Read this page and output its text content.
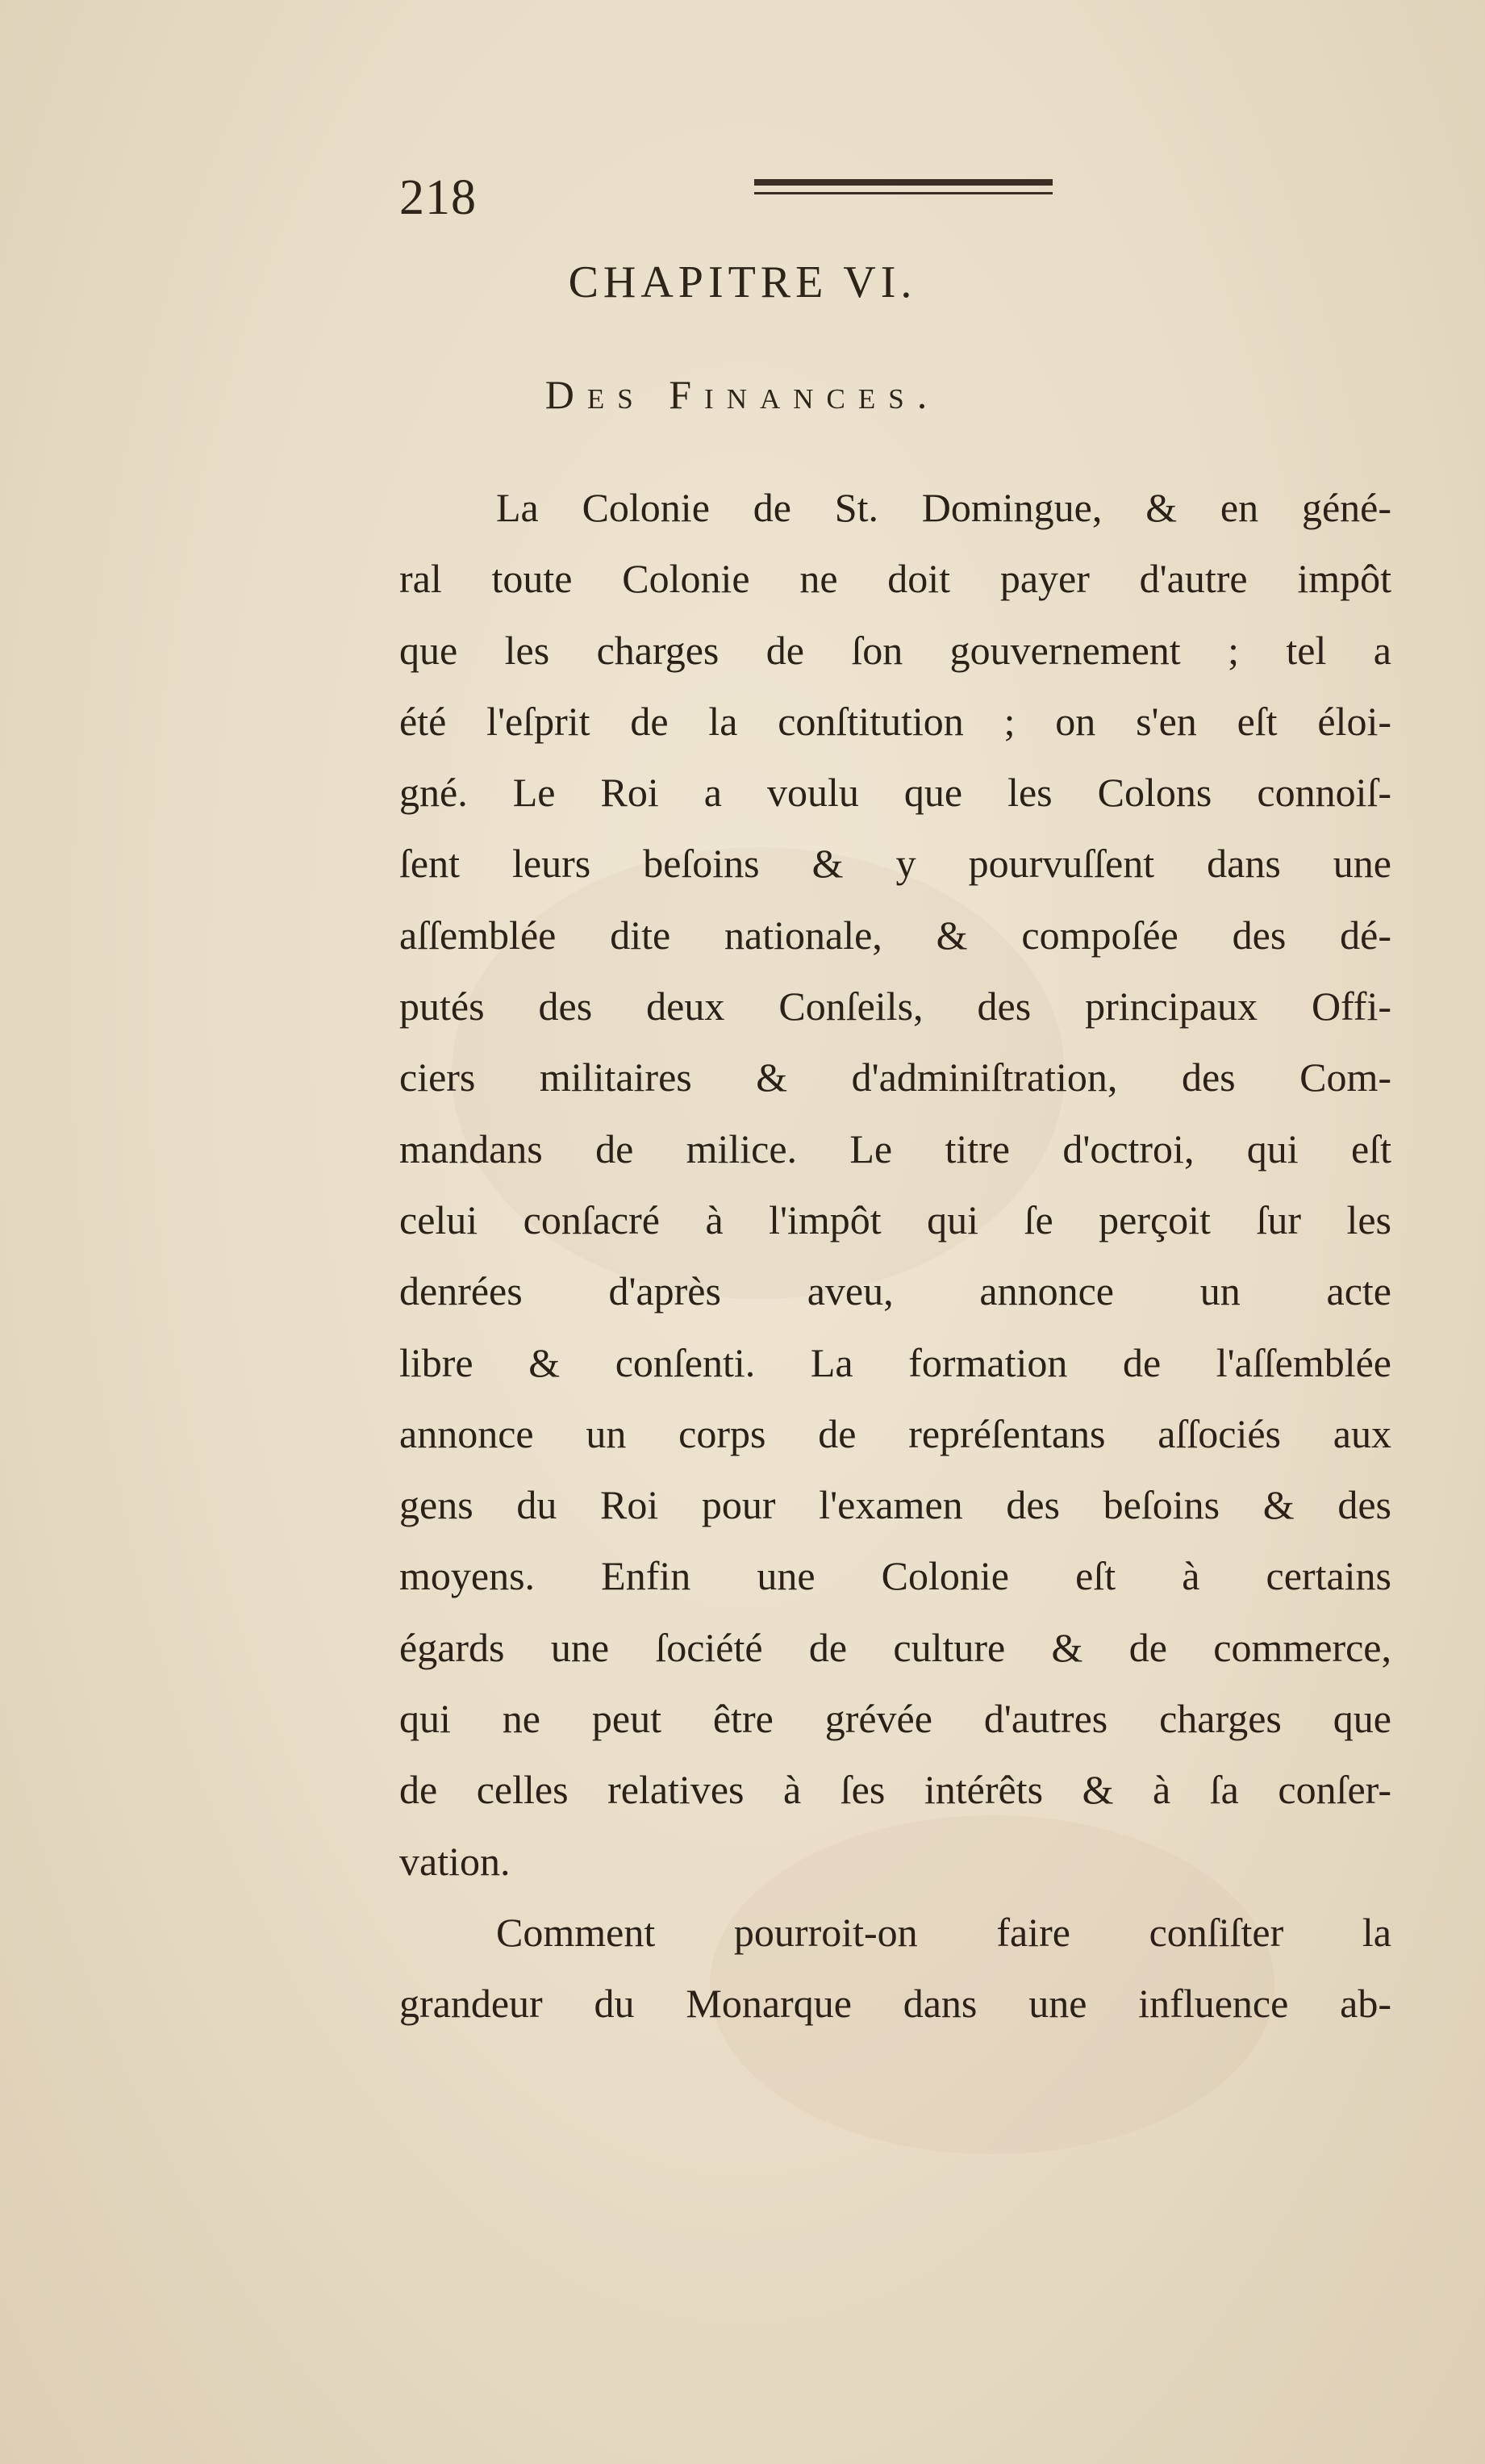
218
CHAPITRE VI.
Des Finances.
La Colonie de St. Domingue, & en géné-
ral toute Colonie ne doit payer d'autre impôt
que les charges de ſon gouvernement ; tel a
été l'eſprit de la conſtitution ; on s'en eſt éloi-
gné. Le Roi a voulu que les Colons connoiſ-
ſent leurs beſoins & y pourvuſſent dans une
aſſemblée dite nationale, & compoſée des dé-
putés des deux Conſeils, des principaux Offi-
ciers militaires & d'adminiſtration, des Com-
mandans de milice. Le titre d'octroi, qui eſt
celui conſacré à l'impôt qui ſe perçoit ſur les
denrées d'après aveu, annonce un acte
libre & conſenti. La formation de l'aſſemblée
annonce un corps de repréſentans aſſociés aux
gens du Roi pour l'examen des beſoins & des
moyens. Enfin une Colonie eſt à certains
égards une ſociété de culture & de commerce,
qui ne peut être grévée d'autres charges que
de celles relatives à ſes intérêts & à ſa conſer-
vation.
Comment pourroit-on faire conſiſter la
grandeur du Monarque dans une influence ab-
